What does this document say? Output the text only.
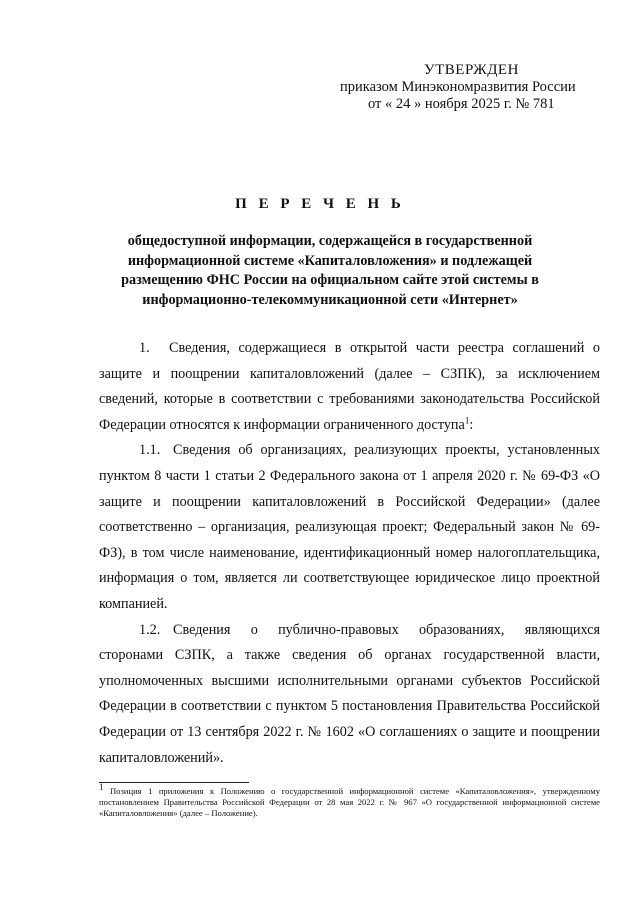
УТВЕРЖДЕН
приказом Минэкономразвития России
от « 24 » ноября 2025 г. № 781
П Е Р Е Ч Е Н Ь
общедоступной информации, содержащейся в государственной информационной системе «Капиталовложения» и подлежащей размещению ФНС России на официальном сайте этой системы в информационно-телекоммуникационной сети «Интернет»

1. Сведения, содержащиеся в открытой части реестра соглашений о защите и поощрении капиталовложений (далее – СЗПК), за исключением сведений, которые в соответствии с требованиями законодательства Российской Федерации относятся к информации ограниченного доступа$^1$:

1.1. Сведения об организациях, реализующих проекты, установленных пунктом 8 части 1 статьи 2 Федерального закона от 1 апреля 2020 г. № 69-ФЗ «О защите и поощрении капиталовложений в Российской Федерации» (далее соответственно – организация, реализующая проект; Федеральный закон № 69-ФЗ), в том числе наименование, идентификационный номер налогоплательщика, информация о том, является ли соответствующее юридическое лицо проектной компанией.

1.2. Сведения о публично-правовых образованиях, являющихся сторонами СЗПК, а также сведения об органах государственной власти, уполномоченных высшими исполнительными органами субъектов Российской Федерации в соответствии с пунктом 5 постановления Правительства Российской Федерации от 13 сентября 2022 г. № 1602 «О соглашениях о защите и поощрении капиталовложений».

$^1$ Позиция 1 приложения к Положению о государственной информационной системе «Капиталовложения», утвержденному постановлением Правительства Российской Федерации от 28 мая 2022 г. № 967 «О государственной информационной системе «Капиталовложения» (далее – Положение).
